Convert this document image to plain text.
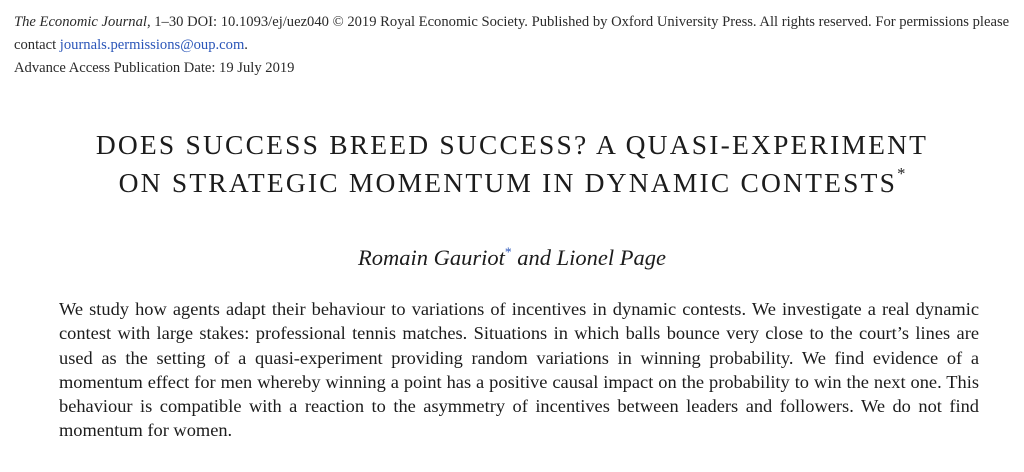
The Economic Journal, 1–30 DOI: 10.1093/ej/uez040 © 2019 Royal Economic Society. Published by Oxford University Press. All rights reserved. For permissions please contact journals.permissions@oup.com.
Advance Access Publication Date: 19 July 2019
DOES SUCCESS BREED SUCCESS? A QUASI-EXPERIMENT
ON STRATEGIC MOMENTUM IN DYNAMIC CONTESTS*
Romain Gauriot* and Lionel Page
We study how agents adapt their behaviour to variations of incentives in dynamic contests. We investigate a real dynamic contest with large stakes: professional tennis matches. Situations in which balls bounce very close to the court’s lines are used as the setting of a quasi-experiment providing random variations in winning probability. We find evidence of a momentum effect for men whereby winning a point has a positive causal impact on the probability to win the next one. This behaviour is compatible with a reaction to the asymmetry of incentives between leaders and followers. We do not find momentum for women.
